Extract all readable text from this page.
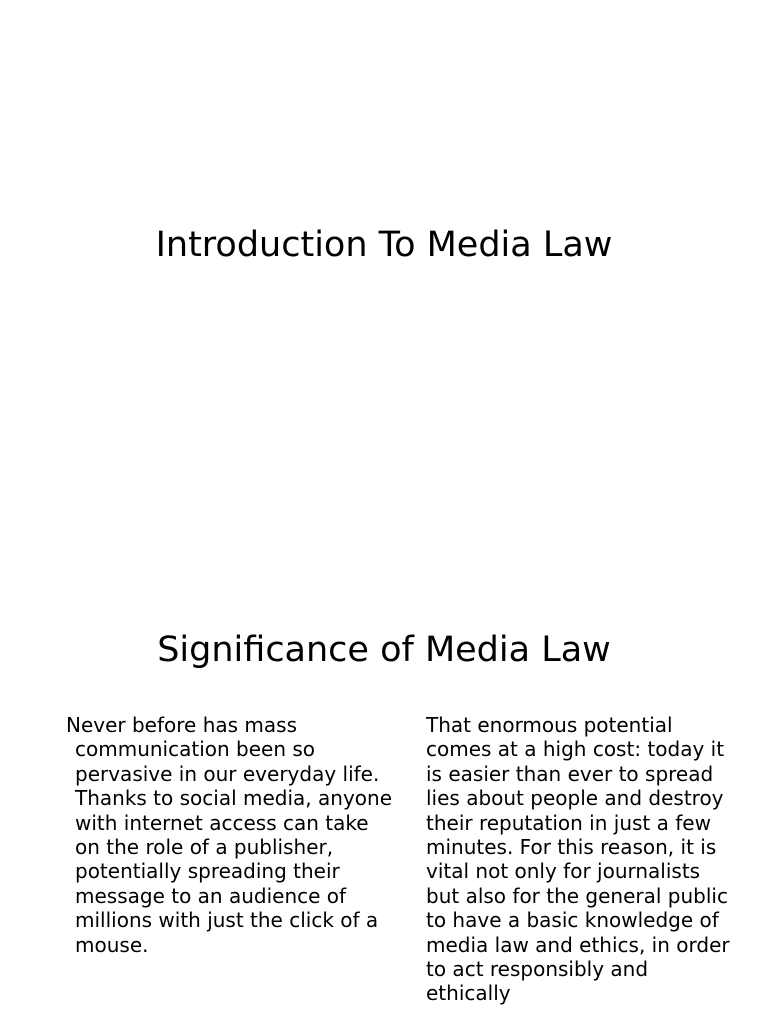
Introduction To Media Law
Significance of Media Law

Never before has mass communication been so pervasive in our everyday life. Thanks to social media, anyone with internet access can take on the role of a publisher, potentially spreading their message to an audience of millions with just the click of a mouse.

That enormous potential comes at a high cost: today it is easier than ever to spread lies about people and destroy their reputation in just a few minutes. For this reason, it is vital not only for journalists but also for the general public to have a basic knowledge of media law and ethics, in order to act responsibly and ethically
